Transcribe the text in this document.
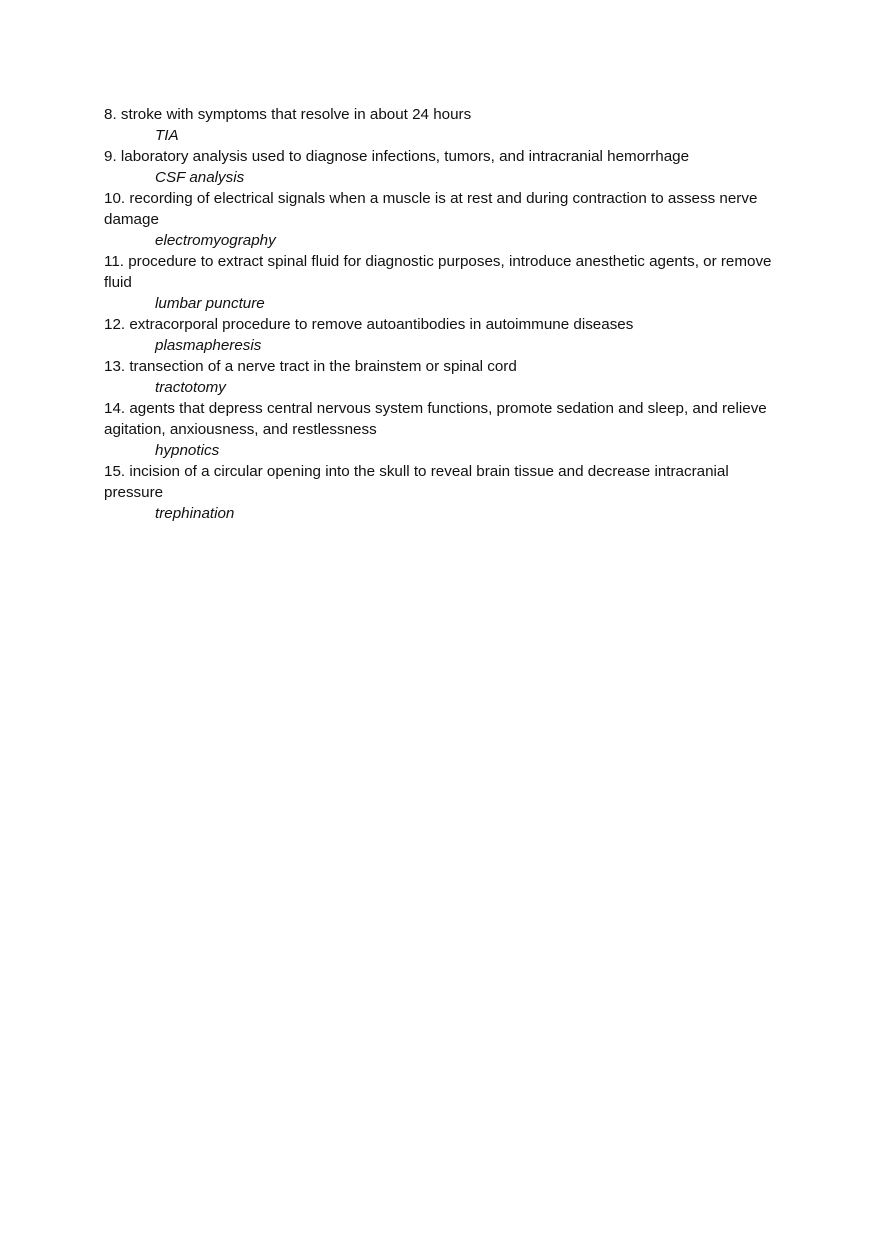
8. stroke with symptoms that resolve in about 24 hours

TIA

9. laboratory analysis used to diagnose infections, tumors, and intracranial hemorrhage

CSF analysis

10. recording of electrical signals when a muscle is at rest and during contraction to assess nerve damage

electromyography

11. procedure to extract spinal fluid for diagnostic purposes, introduce anesthetic agents, or remove fluid

lumbar puncture

12. extracorporal procedure to remove autoantibodies in autoimmune diseases

plasmapheresis

13. transection of a nerve tract in the brainstem or spinal cord

tractotomy

14. agents that depress central nervous system functions, promote sedation and sleep, and relieve agitation, anxiousness, and restlessness

hypnotics

15. incision of a circular opening into the skull to reveal brain tissue and decrease intracranial pressure

trephination
